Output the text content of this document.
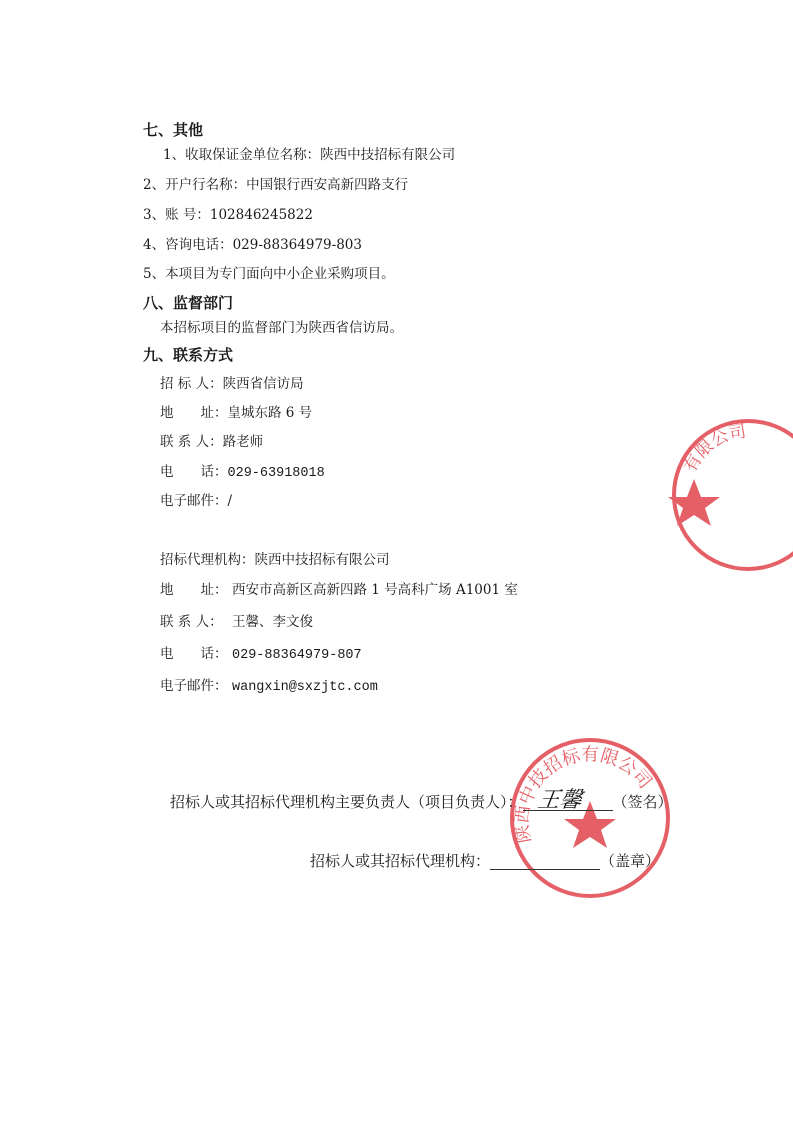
七、其他
1、收取保证金单位名称：陕西中技招标有限公司
2、开户行名称：中国银行西安高新四路支行
3、账 号：102846245822
4、咨询电话：029-88364979-803
5、本项目为专门面向中小企业采购项目。
八、监督部门
本招标项目的监督部门为陕西省信访局。
九、联系方式
招 标 人：陕西省信访局
地　　址：皇城东路 6 号
联 系 人：路老师
电　　话：029-63918018
电子邮件：/
招标代理机构：陕西中技招标有限公司
地　　址： 西安市高新区高新四路 1 号高科广场 A1001 室
联 系 人： 王馨、李文俊
电　　话： 029-88364979-807
电子邮件： wangxin@sxzjtc.com
有限公司
陕西中技招标有限公司
招标人或其招标代理机构主要负责人（项目负责人）：	（签名）
招标人或其招标代理机构：	（盖章）
王馨
